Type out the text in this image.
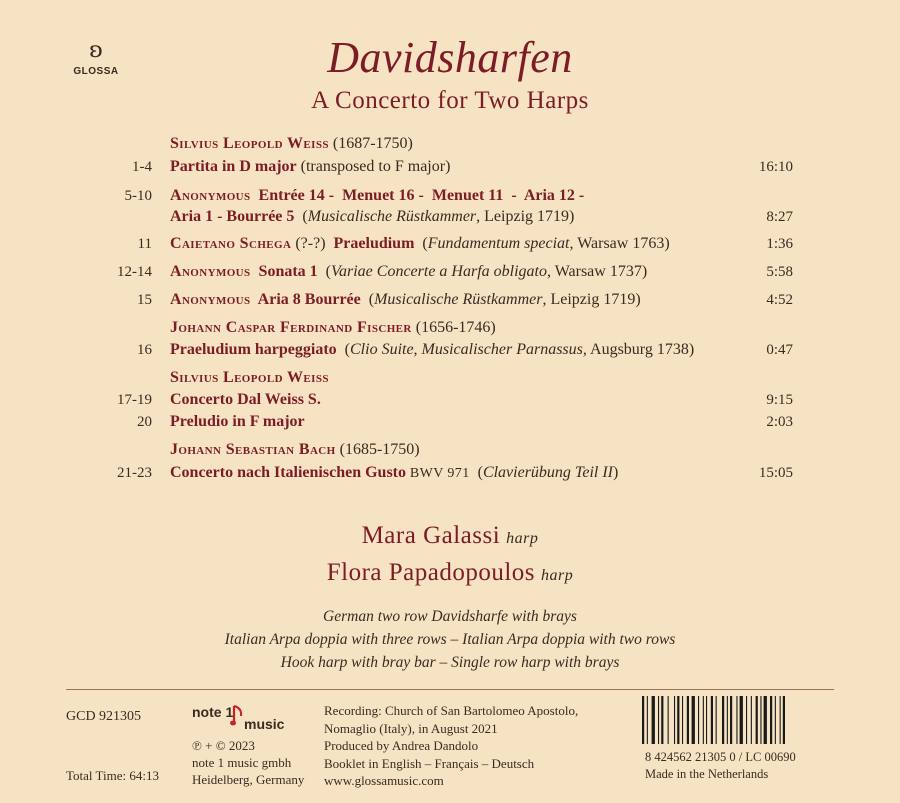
ʚ
GLOSSA	Davidsharfen
A Concerto for Two Harps
Silvius Leopold Weiss (1687-1750)
1-4 Partita in D major (transposed to F major)	16:10
5-10 Anonymous  Entrée 14 -  Menuet 16 -  Menuet 11  -  Aria 12 -
Aria 1 - Bourrée 5  (Musicalische Rüstkammer, Leipzig 1719)	8:27
11 Caietano Schega (?-?)  Praeludium  (Fundamentum speciat, Warsaw 1763)	1:36
12-14 Anonymous  Sonata 1  (Variae Concerte a Harfa obligato, Warsaw 1737)	5:58
15 Anonymous  Aria 8 Bourrée  (Musicalische Rüstkammer, Leipzig 1719)	4:52
Johann Caspar Ferdinand Fischer (1656-1746)
16 Praeludium harpeggiato  (Clio Suite, Musicalischer Parnassus, Augsburg 1738)	0:47
Silvius Leopold Weiss
17-19 Concerto Dal Weiss S.	9:15
20 Preludio in F major	2:03
Johann Sebastian Bach (1685-1750)
21-23 Concerto nach Italienischen Gusto BWV 971  (Clavierübung Teil II)	15:05
Mara Galassi harp
Flora Papadopoulos harp
German two row Davidsharfe with brays
Italian Arpa doppia with three rows – Italian Arpa doppia with two rows
Hook harp with bray bar – Single row harp with brays
GCD 921305
Total Time: 64:13
note 1
music
℗ + © 2023
note 1 music gmbh
Heidelberg, Germany
Recording: Church of San Bartolomeo Apostolo,
Nomaglio (Italy), in August 2021
Produced by Andrea Dandolo
Booklet in English – Français – Deutsch
www.glossamusic.com
8 424562 21305 0 / LC 00690
Made in the Netherlands
